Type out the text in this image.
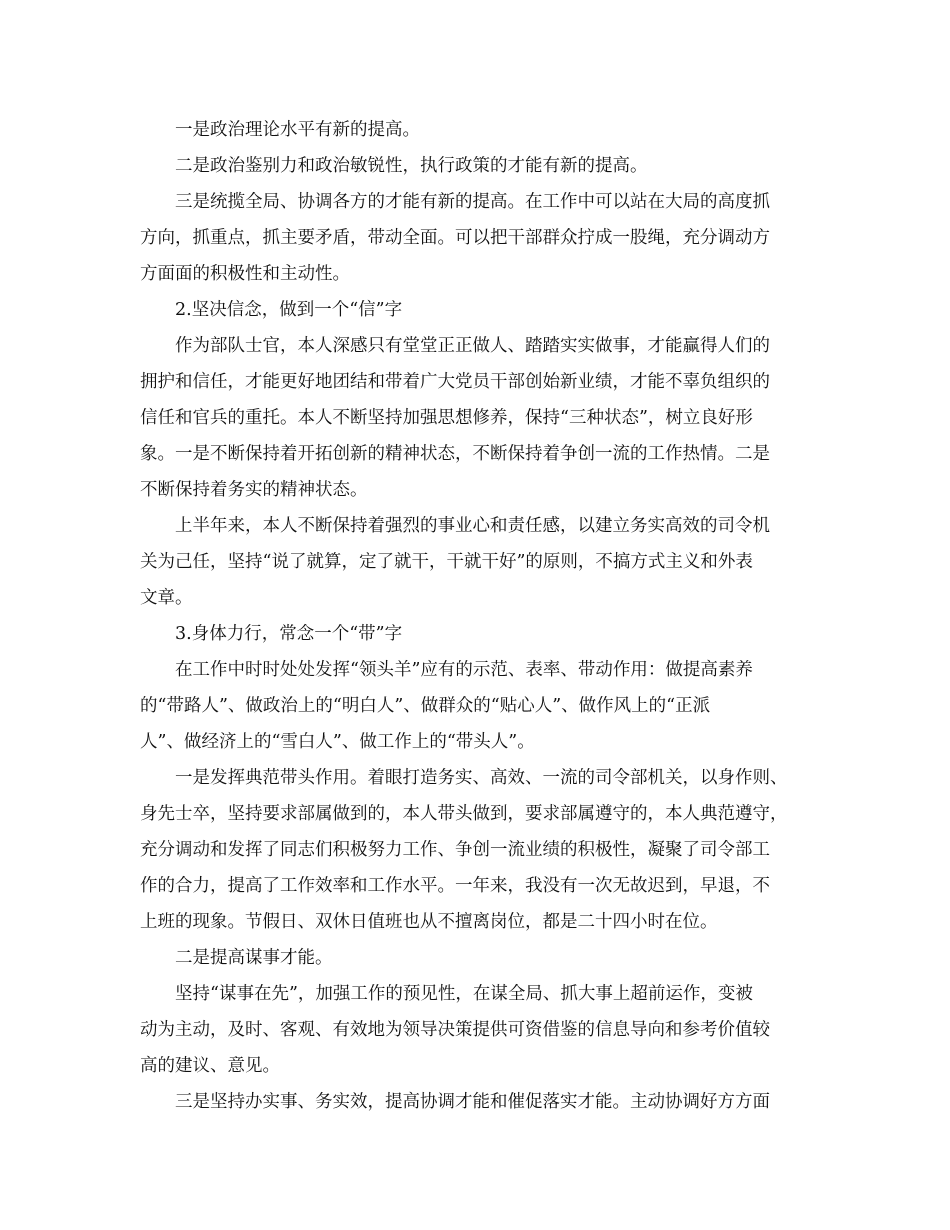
一是政治理论水平有新的提高。
二是政治鉴别力和政治敏锐性，执行政策的才能有新的提高。
三是统揽全局、协调各方的才能有新的提高。在工作中可以站在大局的高度抓
方向，抓重点，抓主要矛盾，带动全面。可以把干部群众拧成一股绳，充分调动方
方面面的积极性和主动性。
2.坚决信念，做到一个“信”字
作为部队士官，本人深感只有堂堂正正做人、踏踏实实做事，才能赢得人们的
拥护和信任，才能更好地团结和带着广大党员干部创始新业绩，才能不辜负组织的
信任和官兵的重托。本人不断坚持加强思想修养，保持“三种状态”，树立良好形
象。一是不断保持着开拓创新的精神状态，不断保持着争创一流的工作热情。二是
不断保持着务实的精神状态。
上半年来，本人不断保持着强烈的事业心和责任感，以建立务实高效的司令机
关为己任，坚持“说了就算，定了就干，干就干好”的原则，不搞方式主义和外表
文章。
3.身体力行，常念一个“带”字
在工作中时时处处发挥“领头羊”应有的示范、表率、带动作用：做提高素养
的“带路人”、做政治上的“明白人”、做群众的“贴心人”、做作风上的“正派
人”、做经济上的“雪白人”、做工作上的“带头人”。
一是发挥典范带头作用。着眼打造务实、高效、一流的司令部机关，以身作则、
身先士卒，坚持要求部属做到的，本人带头做到，要求部属遵守的，本人典范遵守，
充分调动和发挥了同志们积极努力工作、争创一流业绩的积极性，凝聚了司令部工
作的合力，提高了工作效率和工作水平。一年来，我没有一次无故迟到，早退，不
上班的现象。节假日、双休日值班也从不擅离岗位，都是二十四小时在位。
二是提高谋事才能。
坚持“谋事在先”，加强工作的预见性，在谋全局、抓大事上超前运作，变被
动为主动，及时、客观、有效地为领导决策提供可资借鉴的信息导向和参考价值较
高的建议、意见。
三是坚持办实事、务实效，提高协调才能和催促落实才能。主动协调好方方面
